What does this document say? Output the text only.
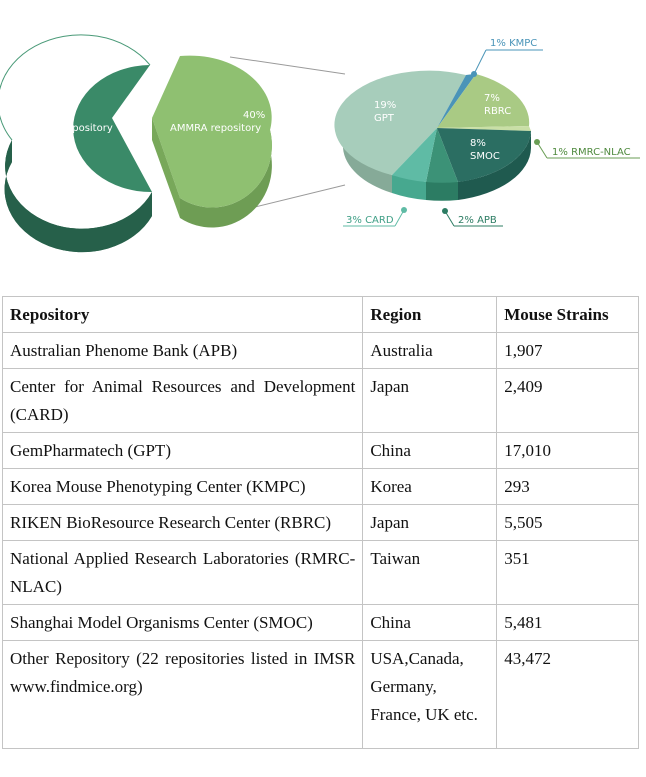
60%
Other Repository
40%
AMMRA repository
19%
GPT
7%
RBRC
8%
SMOC
1% KMPC
1% RMRC-NLAC
3% CARD	2% APB
Repository	Region	Mouse Strains
Australian Phenome Bank (APB)	Australia	1,907
Center for Animal Resources and Development (CARD)	Japan	2,409
GemPharmatech (GPT)	China	17,010
Korea Mouse Phenotyping Center (KMPC)	Korea	293
RIKEN BioResource Research Center (RBRC)	Japan	5,505
National Applied Research Laboratories (RMRC-NLAC)	Taiwan	351
Shanghai Model Organisms Center (SMOC)	China	5,481
Other Repository (22 repositories listed in IMSR www.findmice.org)	USA,Canada, Germany, France, UK etc.	43,472
